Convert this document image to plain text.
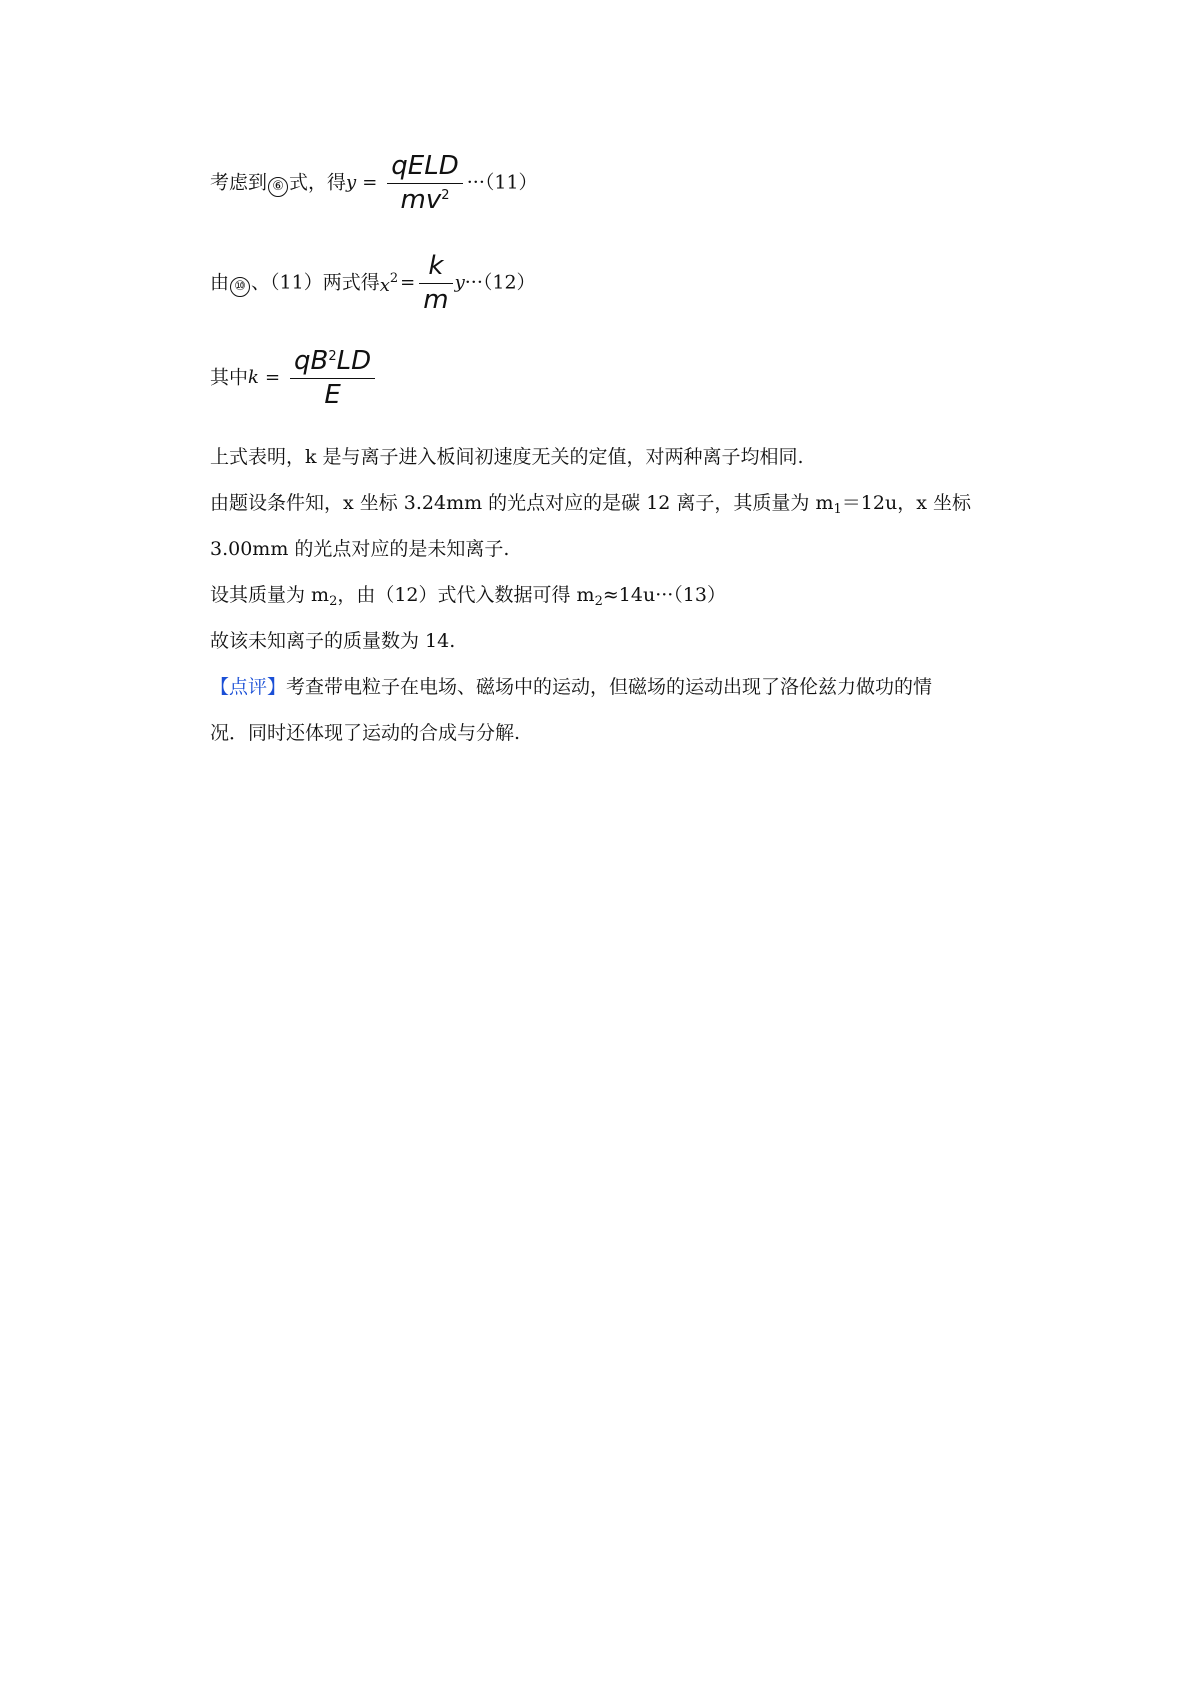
考虑到 ⑥ 式，得$y = \frac{\text{qELD}}{mv^2} \cdot\cdot\cdot(11)$
由 ⑩ 、（11）两式得$x^2 = \frac{k}{m} y\cdot\cdot\cdot(12)$
其中$k = \frac{qB^2LD}{E}$
上式表明，k 是与离子进入板间初速度无关的定值，对两种离子均相同.
由题设条件知，x 坐标 3.24mm 的光点对应的是碳 12 离子，其质量为 $m_1=12u$，x 坐标
3.00mm 的光点对应的是未知离子.
设其质量为 $m_2$，由（12）式代入数据可得 $m_2\approx 14u\cdot\cdot\cdot(13)$
故该未知离子的质量数为 14.
【点评】考查带电粒子在电场、磁场中的运动，但磁场的运动出现了洛伦兹力做功的情
况．同时还体现了运动的合成与分解.
